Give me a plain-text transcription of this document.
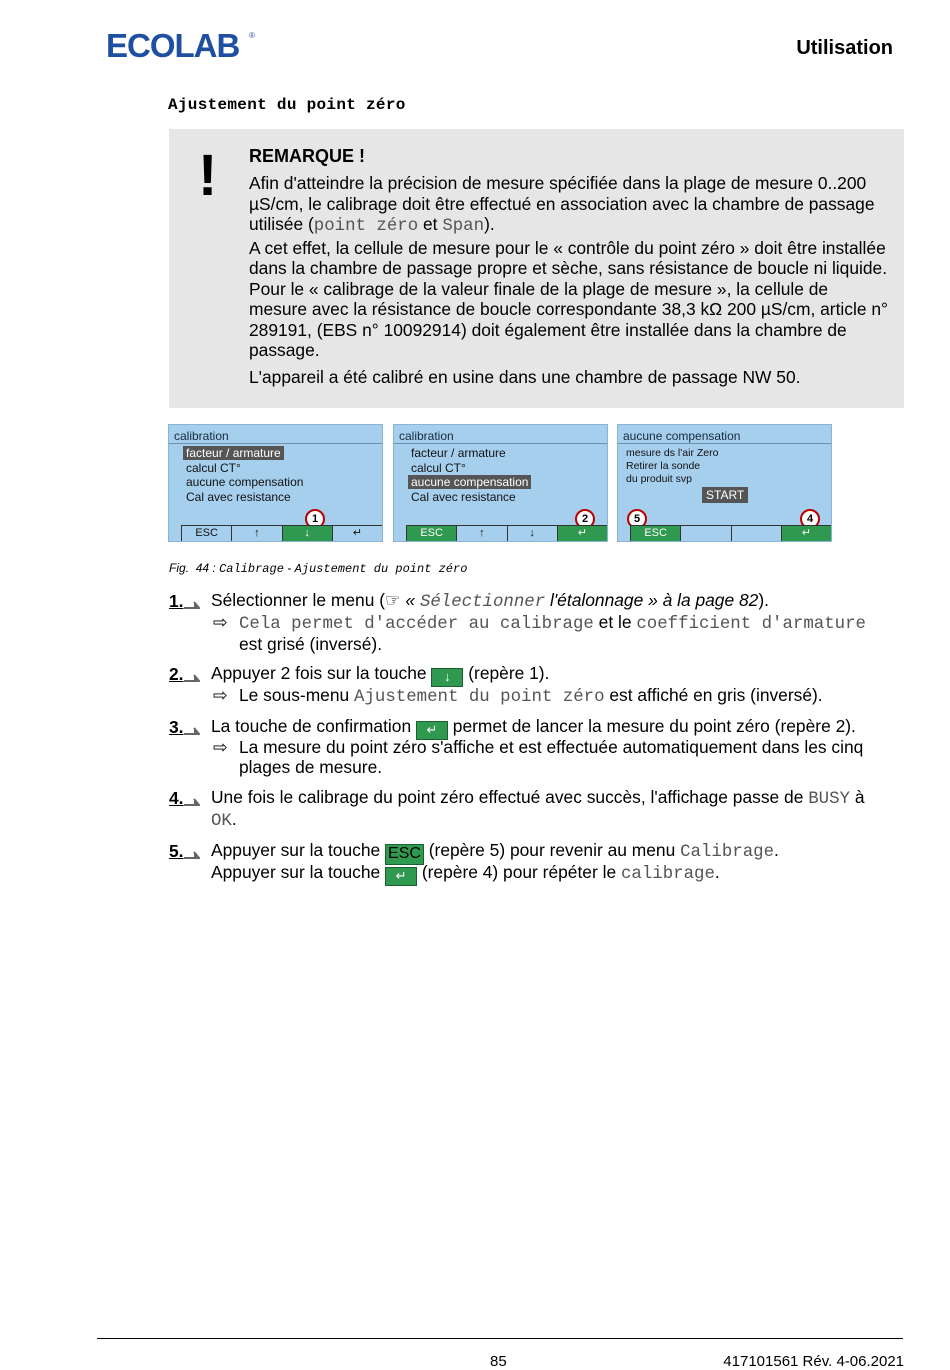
ECOLAB ®
Utilisation
Ajustement du point zéro
! REMARQUE !
Afin d'atteindre la précision de mesure spécifiée dans la plage de mesure 0..200 µS/cm, le calibrage doit être effectué en association avec la chambre de passage utilisée (point zéro et Span).
A cet effet, la cellule de mesure pour le « contrôle du point zéro » doit être installée dans la chambre de passage propre et sèche, sans résistance de boucle ni liquide. Pour le « calibrage de la valeur finale de la plage de mesure », la cellule de mesure avec la résistance de boucle correspondante 38,3 kΩ 200 µS/cm, article n° 289191, (EBS n° 10092914) doit également être installée dans la chambre de passage.
L'appareil a été calibré en usine dans une chambre de passage NW 50.
calibration
facteur / armature
calcul CT°
aucune compensation
Cal avec resistance
1
ESC	↑	↓	↵
calibration
facteur / armature
calcul CT°
aucune compensation
Cal avec resistance
2
ESC	↑	↓	↵
aucune compensation
mesure ds l'air Zero
Retirer la sonde
du produit svp
START
5	4
ESC	↵
Fig. 44 : Calibrage - Ajustement du point zéro
1. Sélectionner le menu (☞ « Sélectionner l'étalonnage » à la page 82).
⇨ Cela permet d'accéder au calibrage et le coefficient d'armature
est grisé (inversé).
2. Appuyer 2 fois sur la touche ↓ (repère 1).
⇨ Le sous-menu Ajustement du point zéro est affiché en gris (inversé).
3. La touche de confirmation ↵ permet de lancer la mesure du point zéro (repère 2).
⇨ La mesure du point zéro s'affiche et est effectuée automatiquement dans les cinq
plages de mesure.
4. Une fois le calibrage du point zéro effectué avec succès, l'affichage passe de BUSY à
OK.
5. Appuyer sur la touche ESC (repère 5) pour revenir au menu Calibrage.
Appuyer sur la touche ↵ (repère 4) pour répéter le calibrage.
85	417101561 Rév. 4-06.2021
